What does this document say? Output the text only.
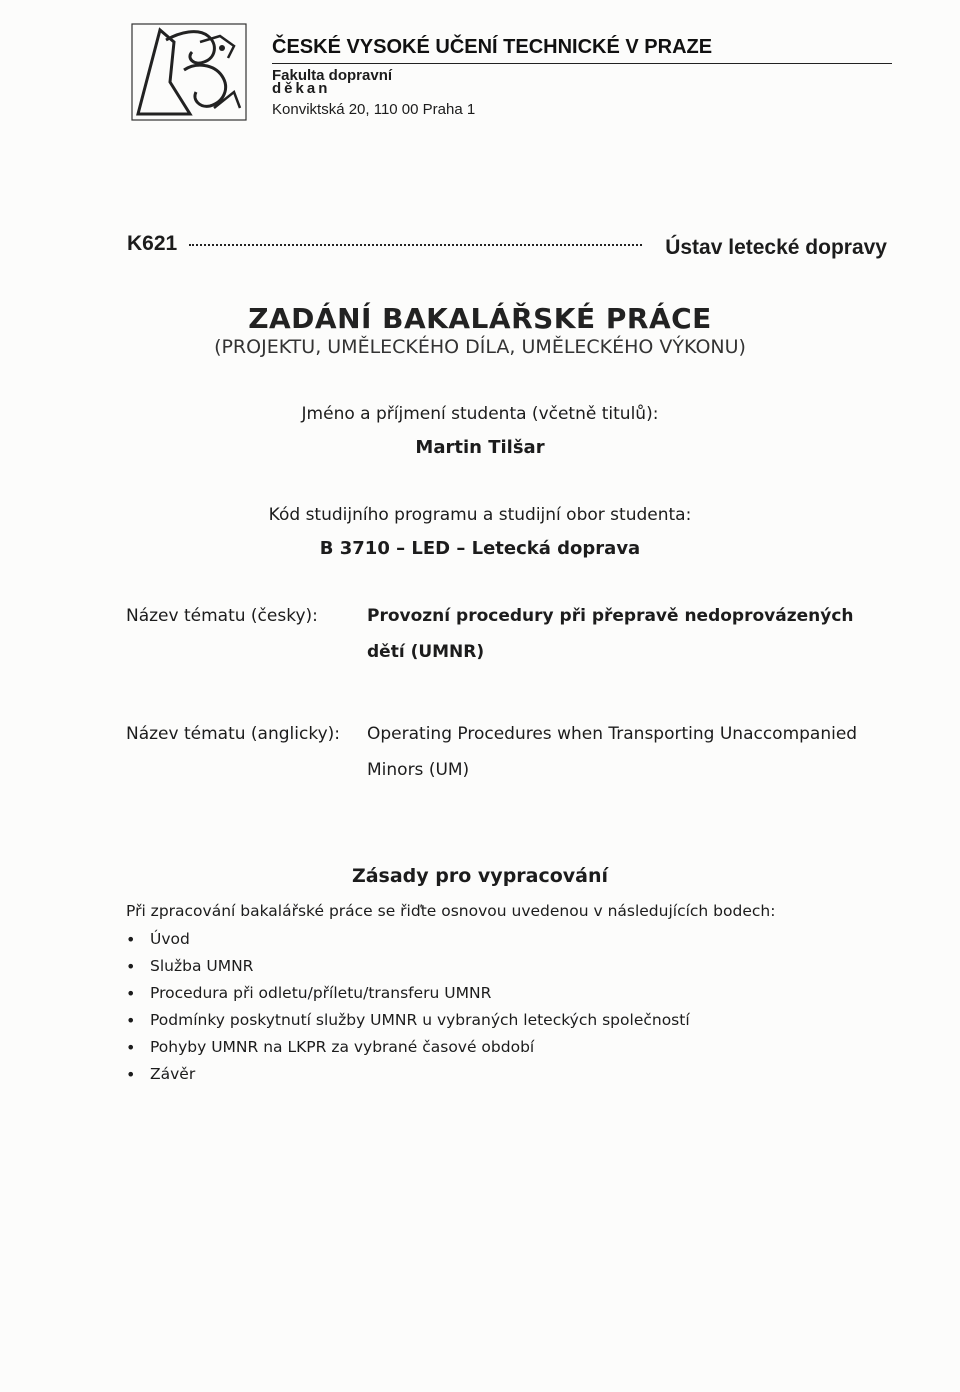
ČESKÉ VYSOKÉ UČENÍ TECHNICKÉ V PRAZE
Fakulta dopravní
děkan
Konviktská 20, 110 00 Praha 1
K621	Ústav letecké dopravy
ZADÁNÍ BAKALÁŘSKÉ PRÁCE
(PROJEKTU, UMĚLECKÉHO DÍLA, UMĚLECKÉHO VÝKONU)
Jméno a příjmení studenta (včetně titulů):
Martin Tilšar
Kód studijního programu a studijní obor studenta:
B 3710 – LED – Letecká doprava
Název tématu (česky):	Provozní procedury při přepravě nedoprovázených
dětí (UMNR)
Název tématu (anglicky): Operating Procedures when Transporting Unaccompanied
Minors (UM)
Zásady pro vypracování
Při zpracování bakalářské práce se řiďte osnovou uvedenou v následujících bodech:
• Úvod
• Služba UMNR
• Procedura při odletu/příletu/transferu UMNR
• Podmínky poskytnutí služby UMNR u vybraných leteckých společností
• Pohyby UMNR na LKPR za vybrané časové období
• Závěr
